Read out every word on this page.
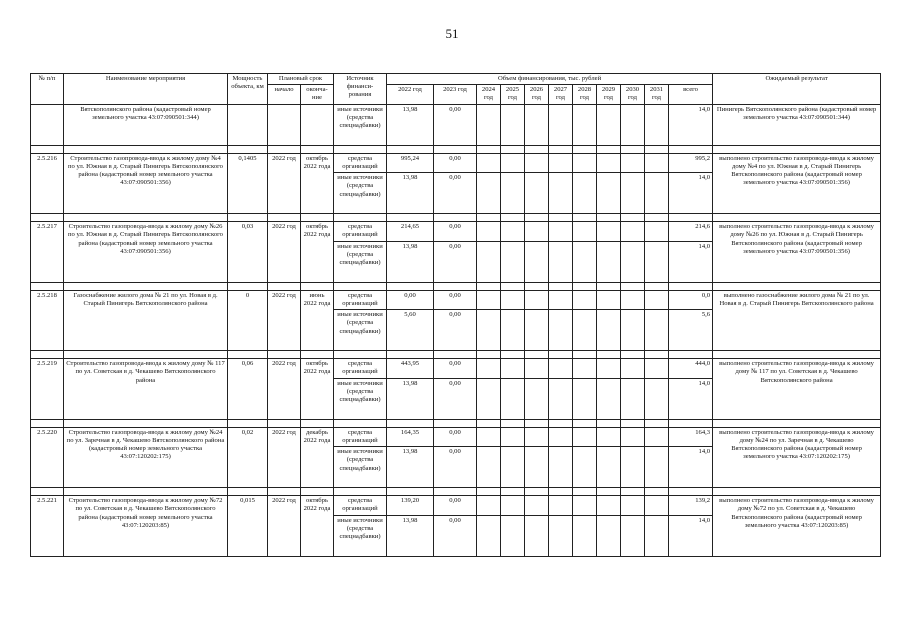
51
№ п/п	Наименование мероприятия	Мощность объекта, км	Плановый срок		Источник финанси-рования	Объем финансирования, тыс. рублей											Ожидаемый результат
			начало	оконча-ние		2022 год	2023 год	2024 год	2025 год	2026 год	2027 год	2028 год	2029 год	2030 год	2031 год	всего	
	Вятскополянского района (кадастровый номер земельного участка 43:07:090501:344)				иные источники (средства спецнадбавки)	13,98	0,00									14,0	Пинигерь Вятскополянского района (кадастровый номер земельного участка 43:07:090501:344)

2.5.216	Строительство газопровода-ввода к жилому дому №4 по ул. Южная в д. Старый Пинигерь Вятскополянского района (кадастровый номер земельного участка 43:07:090501:356)	0,1405	2022 год	октябрь 2022 года	средства организаций	995,24	0,00									995,2	выполнено строительство газопровода-ввода к жилому дому №4 по ул. Южная в д. Старый Пинигерь Вятскополянского района (кадастровый номер земельного участка 43:07:090501:356)
					иные источники (средства спецнадбавки)	13,98	0,00									14,0	

2.5.217	Строительство газопровода-ввода к жилому дому №26 по ул. Южная в д. Старый Пинигерь Вятскополянского района (кадастровый номер земельного участка 43:07:090501:356)	0,03	2022 год	октябрь 2022 года	средства организаций	214,65	0,00									214,6	выполнено строительство газопровода-ввода к жилому дому №26 по ул. Южная в д. Старый Пинигерь Вятскополянского района (кадастровый номер земельного участка 43:07:090501:356)
					иные источники (средства спецнадбавки)	13,98	0,00									14,0	

2.5.218	Газоснабжение жилого дома № 21 по ул. Новая в д. Старый Пинигерь Вятскополянского района	0	2022 год	июнь 2022 года	средства организаций	0,00	0,00									0,0	выполнено газоснабжение жилого дома № 21 по ул. Новая в д. Старый Пинигерь Вятскополянского района
					иные источники (средства спецнадбавки)	5,60	0,00									5,6	

2.5.219	Строительство газопровода-ввода к жилому дому № 117 по ул. Советская в д. Чекашево Вятскополянского района	0,06	2022 год	октябрь 2022 года	средства организаций	443,95	0,00									444,0	выполнено строительство газопровода-ввода к жилому дому № 117 по ул. Советская в д. Чекашево Вятскополянского района
					иные источники (средства спецнадбавки)	13,98	0,00									14,0	

2.5.220	Строительство газопровода-ввода к жилому дому №24 по ул. Заречная в д. Чекашево Вятскополянского района (кадастровый номер земельного участка 43:07:120202:175)	0,02	2022 год	декабрь 2022 года	средства организаций	164,35	0,00									164,3	выполнено строительство газопровода-ввода к жилому дому №24 по ул. Заречная в д. Чекашево Вятскополянского района (кадастровый номер земельного участка 43:07:120202:175)
					иные источники (средства спецнадбавки)	13,98	0,00									14,0	

2.5.221	Строительство газопровода-ввода к жилому дому №72 по ул. Советская в д. Чекашево Вятскополянского района (кадастровый номер земельного участка 43:07:120203:85)	0,015	2022 год	октябрь 2022 года	средства организаций	139,20	0,00									139,2	выполнено строительство газопровода-ввода к жилому дому №72 по ул. Советская в д. Чекашево Вятскополянского района (кадастровый номер земельного участка 43:07:120203:85)
					иные источники (средства спецнадбавки)	13,98	0,00									14,0	
